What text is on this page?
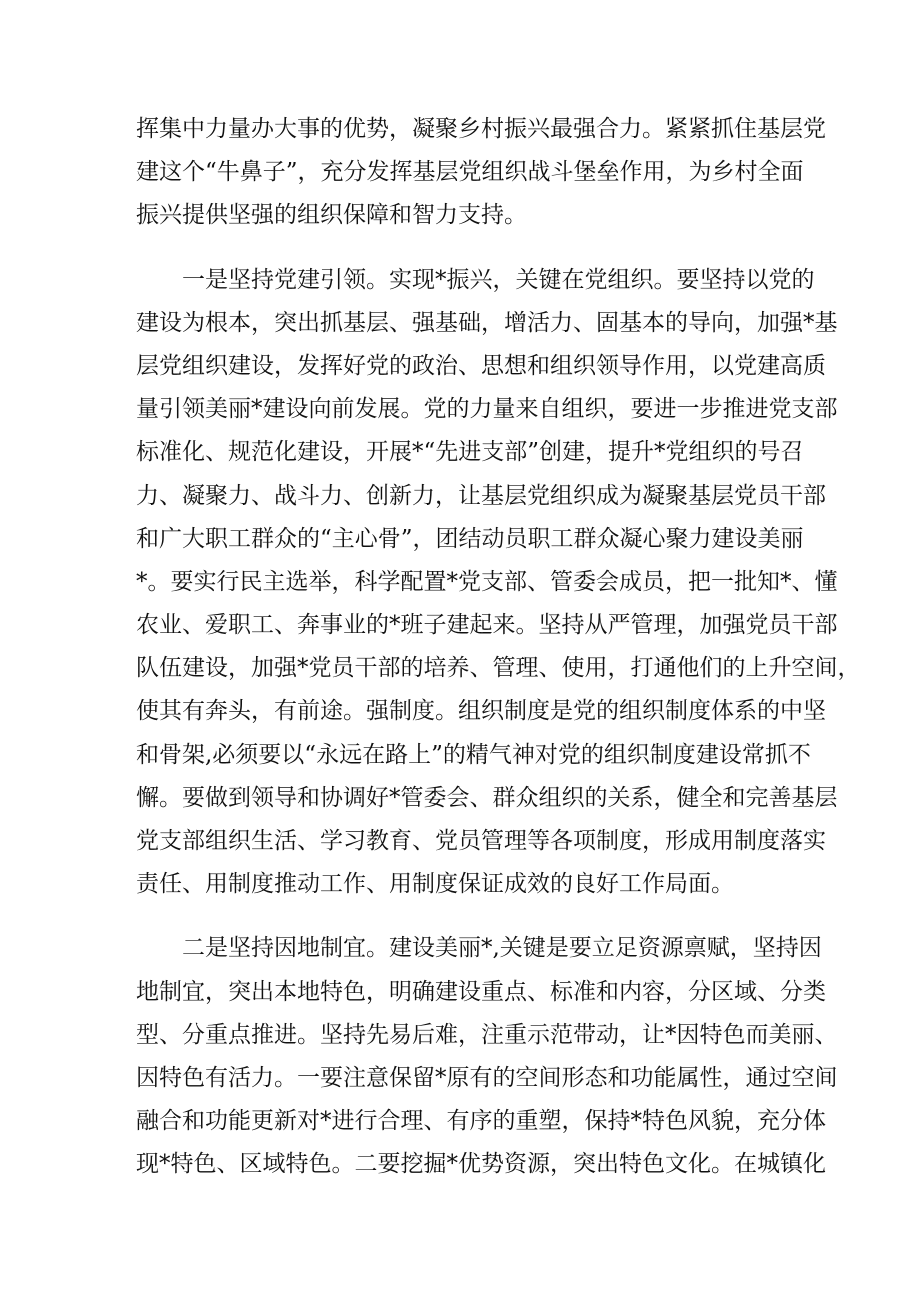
挥集中力量办大事的优势，凝聚乡村振兴最强合力。紧紧抓住基层党
建这个“牛鼻子”，充分发挥基层党组织战斗堡垒作用，为乡村全面
振兴提供坚强的组织保障和智力支持。
一是坚持党建引领。实现*振兴，关键在党组织。要坚持以党的
建设为根本，突出抓基层、强基础，增活力、固基本的导向，加强*基
层党组织建设，发挥好党的政治、思想和组织领导作用，以党建高质
量引领美丽*建设向前发展。党的力量来自组织，要进一步推进党支部
标准化、规范化建设，开展*“先进支部”创建，提升*党组织的号召
力、凝聚力、战斗力、创新力，让基层党组织成为凝聚基层党员干部
和广大职工群众的“主心骨”，团结动员职工群众凝心聚力建设美丽
*。要实行民主选举，科学配置*党支部、管委会成员，把一批知*、懂
农业、爱职工、奔事业的*班子建起来。坚持从严管理，加强党员干部
队伍建设，加强*党员干部的培养、管理、使用，打通他们的上升空间，
使其有奔头，有前途。强制度。组织制度是党的组织制度体系的中坚
和骨架,必须要以“永远在路上”的精气神对党的组织制度建设常抓不
懈。要做到领导和协调好*管委会、群众组织的关系，健全和完善基层
党支部组织生活、学习教育、党员管理等各项制度，形成用制度落实
责任、用制度推动工作、用制度保证成效的良好工作局面。
二是坚持因地制宜。建设美丽*,关键是要立足资源禀赋，坚持因
地制宜，突出本地特色，明确建设重点、标准和内容，分区域、分类
型、分重点推进。坚持先易后难，注重示范带动，让*因特色而美丽、
因特色有活力。一要注意保留*原有的空间形态和功能属性，通过空间
融合和功能更新对*进行合理、有序的重塑，保持*特色风貌，充分体
现*特色、区域特色。二要挖掘*优势资源，突出特色文化。在城镇化
